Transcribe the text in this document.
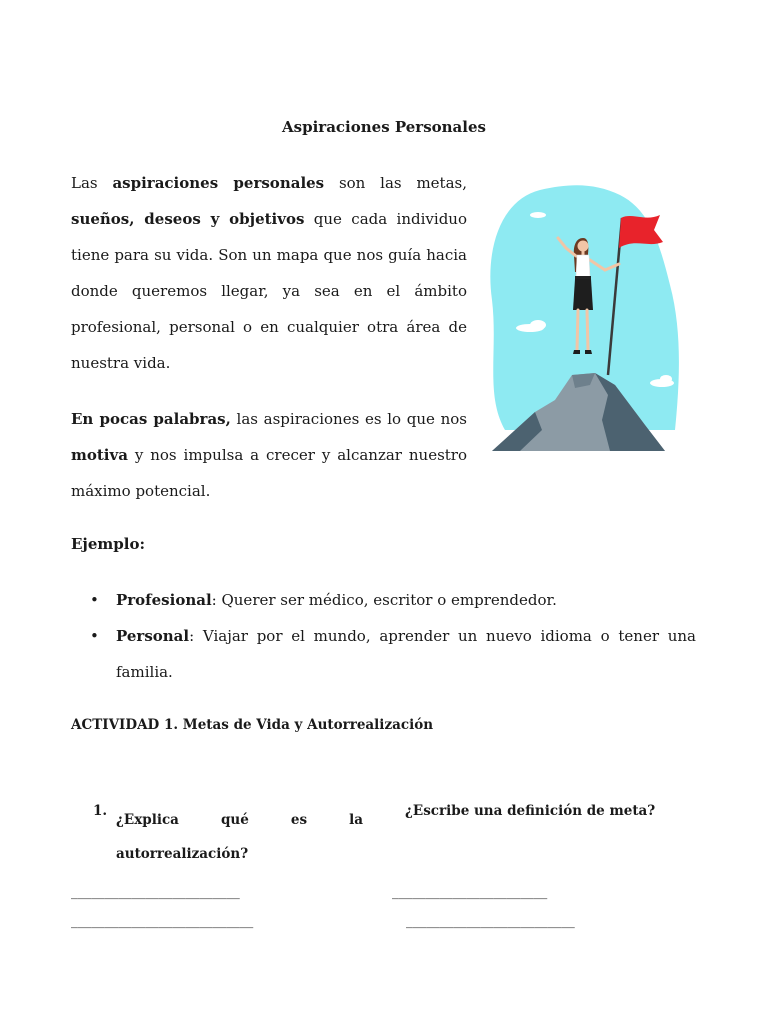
Aspiraciones Personales
Las aspiraciones personales son las metas, sueños, deseos y objetivos que cada individuo tiene para su vida. Son un mapa que nos guía hacia donde queremos llegar, ya sea en el ámbito profesional, personal o en cualquier otra área de nuestra vida.
En pocas palabras, las aspiraciones es lo que nos motiva y nos impulsa a crecer y alcanzar nuestro máximo potencial.
Ejemplo:
• Profesional: Querer ser médico, escritor o emprendedor.
• Personal: Viajar por el mundo, aprender un nuevo idioma o tener una familia.
ACTIVIDAD 1. Metas de Vida y Autorrealización
1.
¿Explica qué es la autorrealización?
¿Escribe una definición de meta?
_________________________	_______________________
___________________________	_________________________
